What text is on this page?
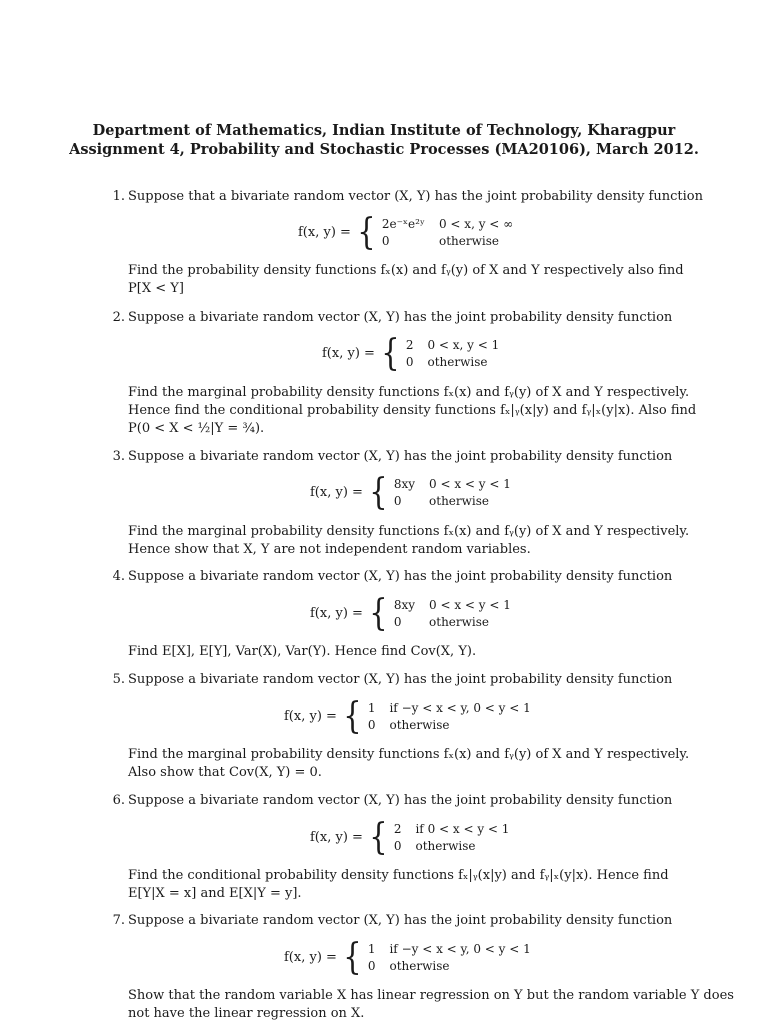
Department of Mathematics, Indian Institute of Technology, Kharagpur
Assignment 4, Probability and Stochastic Processes (MA20106), March 2012.
1. Suppose that a bivariate random vector (X, Y) has the joint probability density function
f(x, y) = { 2e⁻ˣe²ʸ 0 < x, y < ∞
0	otherwise
Find the probability density functions fₓ(x) and fᵧ(y) of X and Y respectively also find
P[X < Y]
2. Suppose a bivariate random vector (X, Y) has the joint probability density function
f(x, y) = { 2 0 < x, y < 1
0 otherwise
Find the marginal probability density functions fₓ(x) and fᵧ(y) of X and Y respectively.
Hence find the conditional probability density functions fₓ|ᵧ(x|y) and fᵧ|ₓ(y|x). Also find
P(0 < X < ½|Y = ¾).
3. Suppose a bivariate random vector (X, Y) has the joint probability density function
f(x, y) = { 8xy 0 < x < y < 1
0	otherwise
Find the marginal probability density functions fₓ(x) and fᵧ(y) of X and Y respectively.
Hence show that X, Y are not independent random variables.
4. Suppose a bivariate random vector (X, Y) has the joint probability density function
f(x, y) = { 8xy 0 < x < y < 1
0	otherwise
Find E[X], E[Y], Var(X), Var(Y). Hence find Cov(X, Y).
5. Suppose a bivariate random vector (X, Y) has the joint probability density function
f(x, y) = { 1 if −y < x < y, 0 < y < 1
0 otherwise
Find the marginal probability density functions fₓ(x) and fᵧ(y) of X and Y respectively.
Also show that Cov(X, Y) = 0.
6. Suppose a bivariate random vector (X, Y) has the joint probability density function
f(x, y) = { 2 if 0 < x < y < 1
0 otherwise
Find the conditional probability density functions fₓ|ᵧ(x|y) and fᵧ|ₓ(y|x). Hence find
E[Y|X = x] and E[X|Y = y].
7. Suppose a bivariate random vector (X, Y) has the joint probability density function
f(x, y) = { 1 if −y < x < y, 0 < y < 1
0 otherwise
Show that the random variable X has linear regression on Y but the random variable Y does
not have the linear regression on X.
